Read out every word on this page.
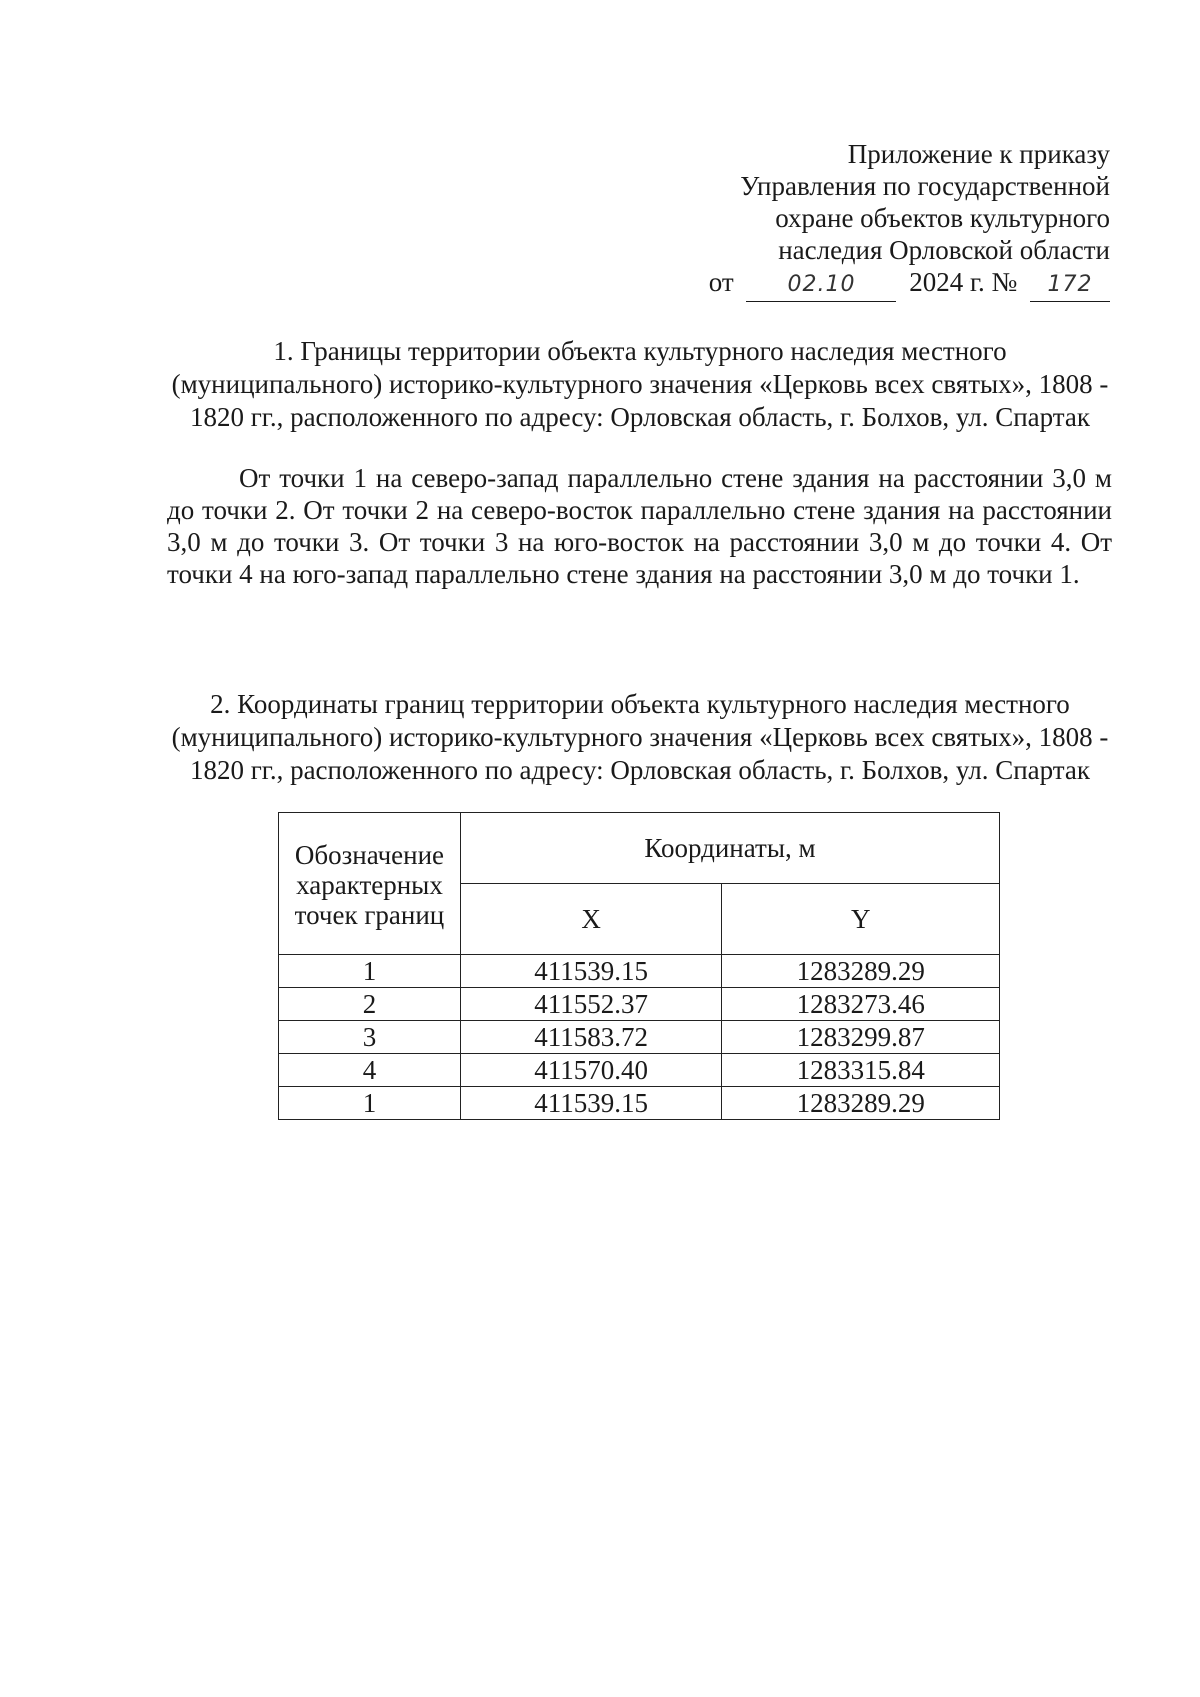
Приложение к приказу
Управления по государственной
охране объектов культурного
наследия Орловской области
от 02.10 2024 г. № 172
1. Границы территории объекта культурного наследия местного
(муниципального) историко-культурного значения «Церковь всех святых», 1808 -
1820 гг., расположенного по адресу: Орловская область, г. Болхов, ул. Спартак

От точки 1 на северо-запад параллельно стене здания на расстоянии 3,0 м до точки 2. От точки 2 на северо-восток параллельно стене здания на расстоянии 3,0 м до точки 3. От точки 3 на юго-восток на расстоянии 3,0 м до точки 4. От точки 4 на юго-запад параллельно стене здания на расстоянии 3,0 м до точки 1.

2. Координаты границ территории объекта культурного наследия местного
(муниципального) историко-культурного значения «Церковь всех святых», 1808 -
1820 гг., расположенного по адресу: Орловская область, г. Болхов, ул. Спартак
Обозначение характерных точек границ	Координаты, м	
	X	Y
1	411539.15	1283289.29
2	411552.37	1283273.46
3	411583.72	1283299.87
4	411570.40	1283315.84
1	411539.15	1283289.29
